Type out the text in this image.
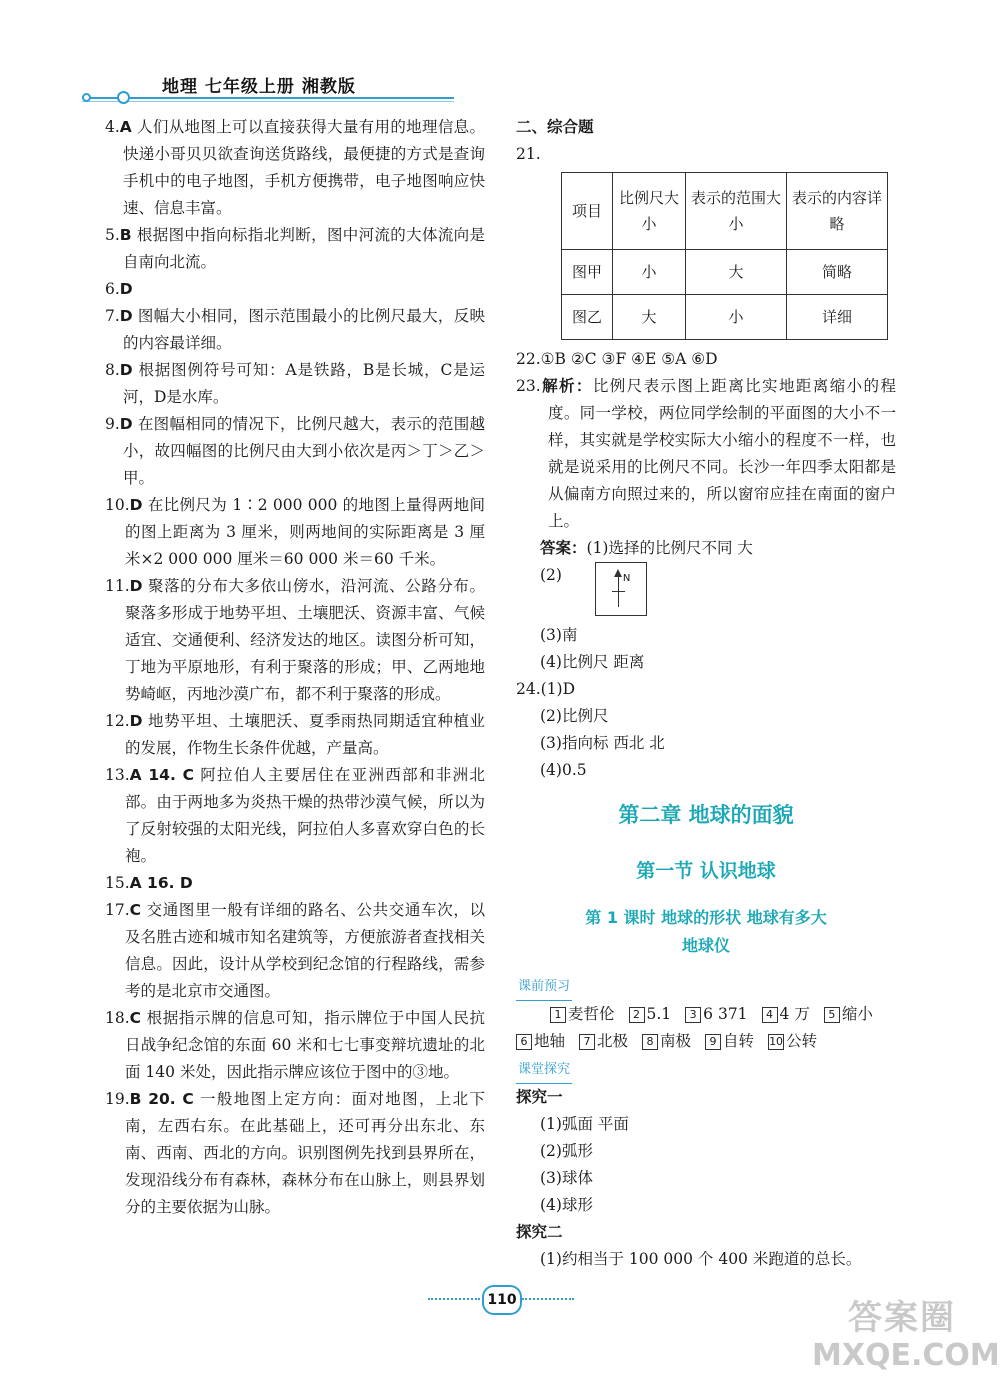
地理 七年级上册 湘教版

4.A 人们从地图上可以直接获得大量有用的地理信息。快递小哥贝贝欲查询送货路线，最便捷的方式是查询手机中的电子地图，手机方便携带，电子地图响应快速、信息丰富。

5.B 根据图中指向标指北判断，图中河流的大体流向是自南向北流。

6.D

7.D 图幅大小相同，图示范围最小的比例尺最大，反映的内容最详细。

8.D 根据图例符号可知：A是铁路，B是长城，C是运河，D是水库。

9.D 在图幅相同的情况下，比例尺越大，表示的范围越小，故四幅图的比例尺由大到小依次是丙＞丁＞乙＞甲。

10.D 在比例尺为 1∶2 000 000 的地图上量得两地间的图上距离为 3 厘米，则两地间的实际距离是 3 厘米×2 000 000 厘米＝60 000 米＝60 千米。

11.D 聚落的分布大多依山傍水，沿河流、公路分布。聚落多形成于地势平坦、土壤肥沃、资源丰富、气候适宜、交通便利、经济发达的地区。读图分析可知，丁地为平原地形，有利于聚落的形成；甲、乙两地地势崎岖，丙地沙漠广布，都不利于聚落的形成。

12.D 地势平坦、土壤肥沃、夏季雨热同期适宜种植业的发展，作物生长条件优越，产量高。

13.A 14. C 阿拉伯人主要居住在亚洲西部和非洲北部。由于两地多为炎热干燥的热带沙漠气候，所以为了反射较强的太阳光线，阿拉伯人多喜欢穿白色的长袍。

15.A 16. D

17.C 交通图里一般有详细的路名、公共交通车次，以及名胜古迹和城市知名建筑等，方便旅游者查找相关信息。因此，设计从学校到纪念馆的行程路线，需参考的是北京市交通图。

18.C 根据指示牌的信息可知，指示牌位于中国人民抗日战争纪念馆的东面 60 米和七七事变辩坑遗址的北面 140 米处，因此指示牌应该位于图中的③地。

19.B 20. C 一般地图上定方向：面对地图，上北下南，左西右东。在此基础上，还可再分出东北、东南、西南、西北的方向。识别图例先找到县界所在，发现沿线分布有森林，森林分布在山脉上，则县界划分的主要依据为山脉。

二、综合题

21.

项目	比例尺大小	表示的范围大小	表示的内容详略
图甲	小	大	简略
图乙	大	小	详细

22.①B ②C ③F ④E ⑤A ⑥D

23.解析：比例尺表示图上距离比实地距离缩小的程度。同一学校，两位同学绘制的平面图的大小不一样，其实就是学校实际大小缩小的程度不一样，也就是说采用的比例尺不同。长沙一年四季太阳都是从偏南方向照过来的，所以窗帘应挂在南面的窗户上。

答案：(1)选择的比例尺不同 大

(2)	N

(3)南

(4)比例尺 距离

24.(1)D

(2)比例尺

(3)指向标 西北 北

(4)0.5

第二章 地球的面貌
第一节 认识地球
第 1 课时 地球的形状 地球有多大
地球仪
课前预习

1 麦哲伦 2 5.1 3 6 371 4 4 万 5 缩小

6 地轴 7 北极 8 南极 9 自转 10 公转

课堂探究

探究一

(1)弧面 平面

(2)弧形

(3)球体

(4)球形

探究二

(1)约相当于 100 000 个 400 米跑道的总长。

110	答案圈
MXQE.COM
